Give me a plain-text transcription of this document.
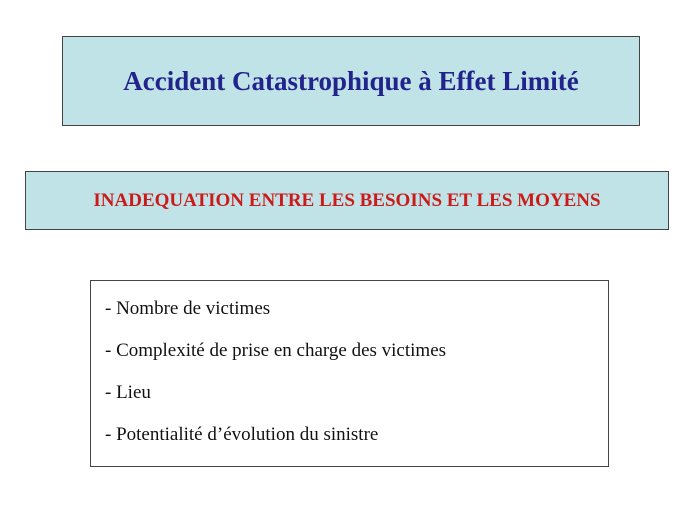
Accident Catastrophique à Effet Limité
INADEQUATION ENTRE LES BESOINS ET LES MOYENS
- Nombre de victimes
- Complexité de prise en charge des victimes
- Lieu
- Potentialité d’évolution du sinistre
